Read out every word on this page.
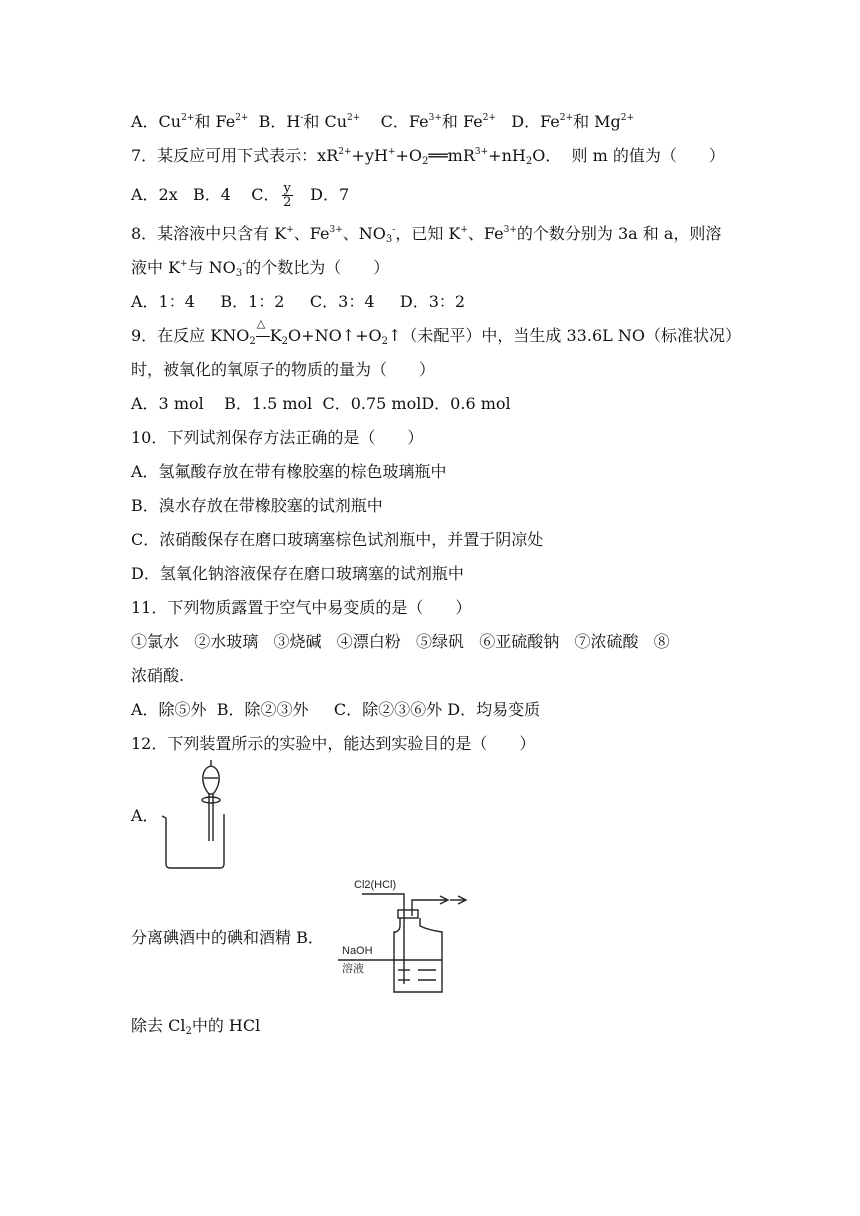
A．$Cu^{2+}$和 $Fe^{2+}$  B．H-和 $Cu^{2+}$    C．$Fe^{3+}$和 $Fe^{2+}$   D．$Fe^{2+}$和 $Mg^{2+}$
7．某反应可用下式表示：$xR^{2+}+yH^++O_2══mR^{3+}+nH_2O$．  则 m 的值为（　　）
A．2x   B．4    C． $\frac{y}{2}$ D．7
8．某溶液中只含有 K+、$Fe^{3+}$、$NO_3^-$，已知 K+、$Fe^{3+}$的个数分别为 3a 和 a，则溶
液中 K+与 $NO_3^-$的个数比为（　　）
A．1：4     B．1：2     C．3：4     D．3：2
9．在反应 $KNO_2$
△
$K_2O+NO↑+O_2↑$（未配平）中，当生成 33.6L NO（标准状况）
时，被氧化的氧原子的物质的量为（　　）
A．3 mol    B．1.5 mol  C．0.75 molD．0.6 mol
10．下列试剂保存方法正确的是（　　）
A．氢氟酸存放在带有橡胶塞的棕色玻璃瓶中
B．溴水存放在带橡胶塞的试剂瓶中
C．浓硝酸保存在磨口玻璃塞棕色试剂瓶中，并置于阴凉处
D．氢氧化钠溶液保存在磨口玻璃塞的试剂瓶中
11．下列物质露置于空气中易变质的是（　　）
①氯水   ②水玻璃   ③烧碱   ④漂白粉   ⑤绿矾   ⑥亚硫酸钠   ⑦浓硫酸   ⑧
浓硝酸.
A．除⑤外  B．除②③外     C．除②③⑥外 D．均易变质
12．下列装置所示的实验中，能达到实验目的是（　　）
A．
分离碘酒中的碘和酒精 B．
Cl2(HCl)
NaOH
溶液
除去 $Cl_2$中的 HCl
